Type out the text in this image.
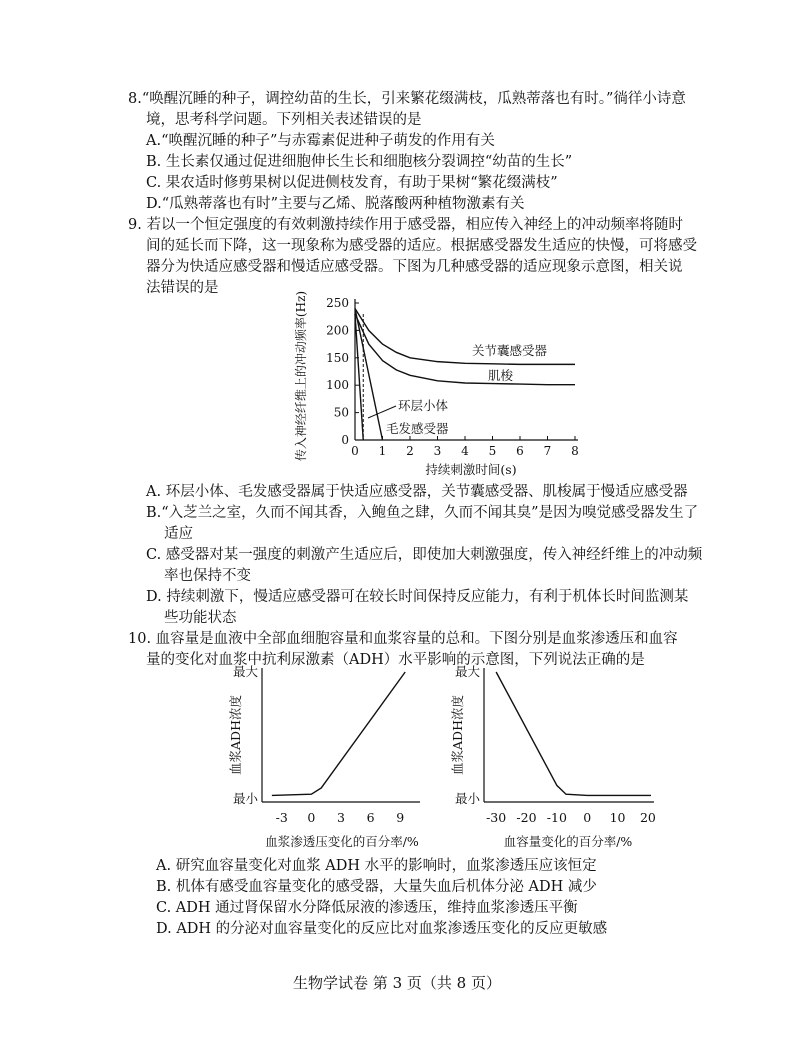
8.“唤醒沉睡的种子，调控幼苗的生长，引来繁花缀满枝，瓜熟蒂落也有时。”徜徉小诗意
境，思考科学问题。下列相关表述错误的是
A.“唤醒沉睡的种子”与赤霉素促进种子萌发的作用有关
B. 生长素仅通过促进细胞伸长生长和细胞核分裂调控“幼苗的生长”
C. 果农适时修剪果树以促进侧枝发育，有助于果树“繁花缀满枝”
D.“瓜熟蒂落也有时”主要与乙烯、脱落酸两种植物激素有关
9. 若以一个恒定强度的有效刺激持续作用于感受器，相应传入神经上的冲动频率将随时
间的延长而下降，这一现象称为感受器的适应。根据感受器发生适应的快慢，可将感受
器分为快适应感受器和慢适应感受器。下图为几种感受器的适应现象示意图，相关说
法错误的是
0 1 2 3 4 5 6 7 8
0
50
100
150
200
250
传入神经纤维上的冲动频率(Hz)
持续刺激时间(s)
关节囊感受器
肌梭
环层小体
毛发感受器
A. 环层小体、毛发感受器属于快适应感受器，关节囊感受器、肌梭属于慢适应感受器
B.“入芝兰之室，久而不闻其香，入鲍鱼之肆，久而不闻其臭”是因为嗅觉感受器发生了
适应
C. 感受器对某一强度的刺激产生适应后，即使加大刺激强度，传入神经纤维上的冲动频
率也保持不变
D. 持续刺激下，慢适应感受器可在较长时间保持反应能力，有利于机体长时间监测某
些功能状态
10. 血容量是血液中全部血细胞容量和血浆容量的总和。下图分别是血浆渗透压和血容
量的变化对血浆中抗利尿激素（ADH）水平影响的示意图，下列说法正确的是
最小
最大
-3 0 3 6 9
最小
最大
-30 -20 -10 0 10 20
血浆ADH浓度
血浆渗透压变化的百分率/%
血浆ADH浓度
血容量变化的百分率/%
A. 研究血容量变化对血浆 ADH 水平的影响时，血浆渗透压应该恒定
B. 机体有感受血容量变化的感受器，大量失血后机体分泌 ADH 减少
C. ADH 通过肾保留水分降低尿液的渗透压，维持血浆渗透压平衡
D. ADH 的分泌对血容量变化的反应比对血浆渗透压变化的反应更敏感
生物学试卷 第 3 页（共 8 页）
